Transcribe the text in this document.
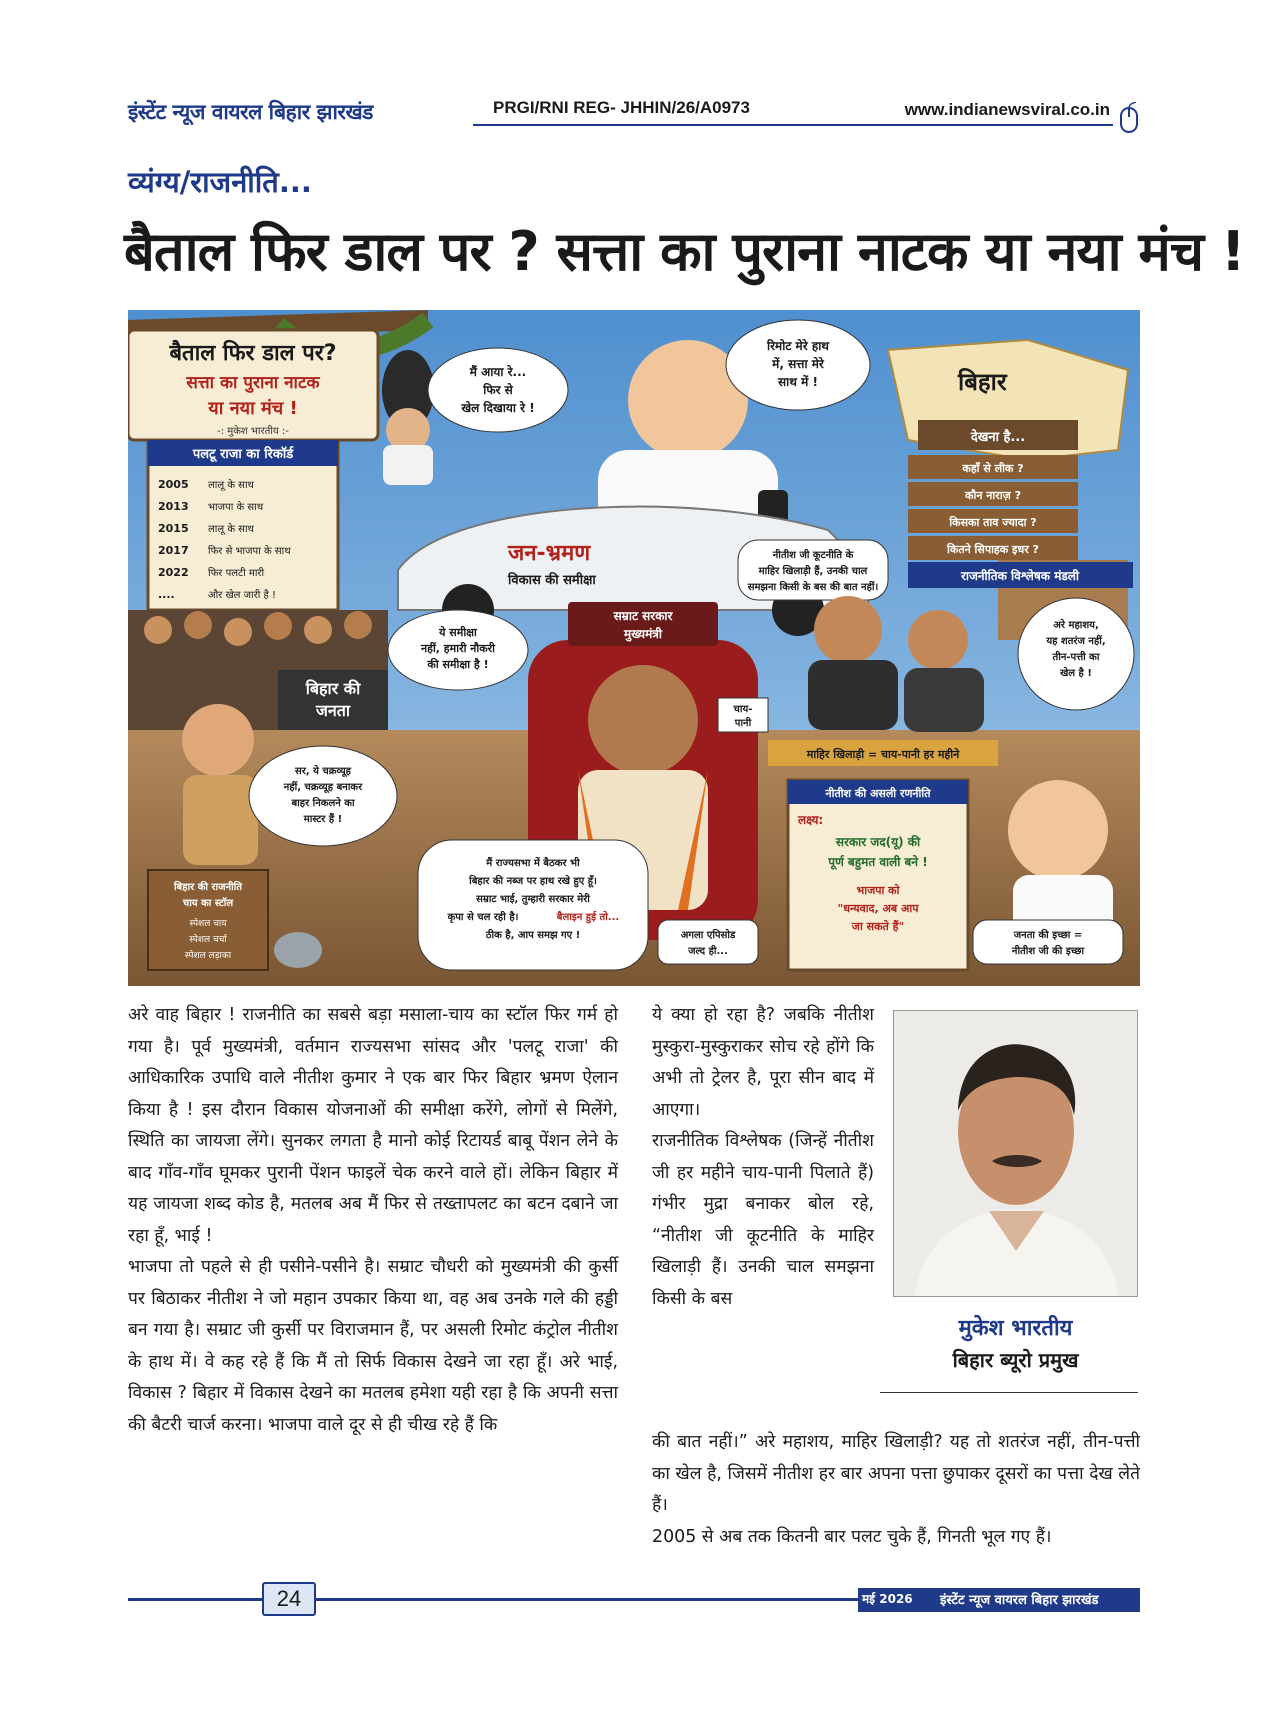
इंस्टेंट न्यूज वायरल बिहार झारखंड	PRGI/RNI REG- JHHIN/26/A0973	www.indianewsviral.co.in
व्यंग्य/राजनीति...
बैताल फिर डाल पर ? सत्ता का पुराना नाटक या नया मंच !
बैताल फिर डाल पर?
सत्ता का पुराना नाटक
या नया मंच !
-: मुकेश भारतीय :-
मैं आया रे...
फिर से
खेल दिखाया रे !
रिमोट मेरे हाथ
में, सत्ता मेरे
साथ में !
जन-भ्रमण
विकास की समीक्षा
बिहार
देखना है...
कहाँ से लीक ?
कौन नाराज़ ?
किसका ताव ज्यादा ?
कितने सिपाहक इधर ?
पलटू राजा का रिकॉर्ड
2005 लालू के साथ
2013 भाजपा के साथ
2015 लालू के साथ
2017 फिर से भाजपा के साथ
2022 फिर पलटी मारी
....	और खेल जारी है !
बिहार की
जनता
ये समीक्षा
नहीं, हमारी नौकरी
की समीक्षा है !
सम्राट सरकार
मुख्यमंत्री
नीतीश जी कूटनीति के
माहिर खिलाड़ी हैं, उनकी चाल
समझना किसी के बस की बात नहीं।
राजनीतिक विश्लेषक मंडली
अरे महाशय,
यह शतरंज नहीं,
तीन-पत्ती का
खेल है !
चाय-
पानी
माहिर खिलाड़ी = चाय-पानी हर महीने
सर, ये चक्रव्यूह
नहीं, चक्रव्यूह बनाकर
बाहर निकलने का
मास्टर हैं !
मैं राज्यसभा में बैठकर भी
बिहार की नब्ज पर हाथ रखे हुए हूँ।
सम्राट भाई, तुम्हारी सरकार मेरी
कृपा से चल रही है।	बैलाइन हुई तो...
ठीक है, आप समझ गए !	अगला एपिसोड
जल्द ही...
नीतीश की असली रणनीति
लक्ष्य:
सरकार जद(यू) की
पूर्ण बहुमत वाली बने !
भाजपा को
"धन्यवाद, अब आप
जा सकते हैं"
जनता की इच्छा =
नीतीश जी की इच्छा
बिहार की राजनीति
चाय का स्टॉल
स्पेशल चाय
स्पेशल चर्चा
स्पेशल लड़ाका

अरे वाह बिहार ! राजनीति का सबसे बड़ा मसाला-चाय का स्टॉल फिर गर्म हो गया है। पूर्व मुख्यमंत्री, वर्तमान राज्यसभा सांसद और 'पलटू राजा' की आधिकारिक उपाधि वाले नीतीश कुमार ने एक बार फिर बिहार भ्रमण ऐलान किया है ! इस दौरान विकास योजनाओं की समीक्षा करेंगे, लोगों से मिलेंगे, स्थिति का जायजा लेंगे। सुनकर लगता है मानो कोई रिटायर्ड बाबू पेंशन लेने के बाद गाँव-गाँव घूमकर पुरानी पेंशन फाइलें चेक करने वाले हों। लेकिन बिहार में यह जायजा शब्द कोड है, मतलब अब मैं फिर से तख्तापलट का बटन दबाने जा रहा हूँ, भाई !

भाजपा तो पहले से ही पसीने-पसीने है। सम्राट चौधरी को मुख्यमंत्री की कुर्सी पर बिठाकर नीतीश ने जो महान उपकार किया था, वह अब उनके गले की हड्डी बन गया है। सम्राट जी कुर्सी पर विराजमान हैं, पर असली रिमोट कंट्रोल नीतीश के हाथ में। वे कह रहे हैं कि मैं तो सिर्फ विकास देखने जा रहा हूँ। अरे भाई, विकास ? बिहार में विकास देखने का मतलब हमेशा यही रहा है कि अपनी सत्ता की बैटरी चार्ज करना। भाजपा वाले दूर से ही चीख रहे हैं कि

ये क्या हो रहा है? जबकि नीतीश मुस्कुरा-मुस्कुराकर सोच रहे होंगे कि अभी तो ट्रेलर है, पूरा सीन बाद में आएगा।

राजनीतिक विश्लेषक (जिन्हें नीतीश जी हर महीने चाय-पानी पिलाते हैं) गंभीर मुद्रा बनाकर बोल रहे, “नीतीश जी कूटनीति के माहिर खिलाड़ी हैं। उनकी चाल समझना किसी के बस

मुकेश भारतीय
बिहार ब्यूरो प्रमुख

की बात नहीं।” अरे महाशय, माहिर खिलाड़ी? यह तो शतरंज नहीं, तीन-पत्ती का खेल है, जिसमें नीतीश हर बार अपना पत्ता छुपाकर दूसरों का पत्ता देख लेते हैं।

2005 से अब तक कितनी बार पलट चुके हैं, गिनती भूल गए हैं।

24	मई 2026 इंस्टेंट न्यूज वायरल बिहार झारखंड
